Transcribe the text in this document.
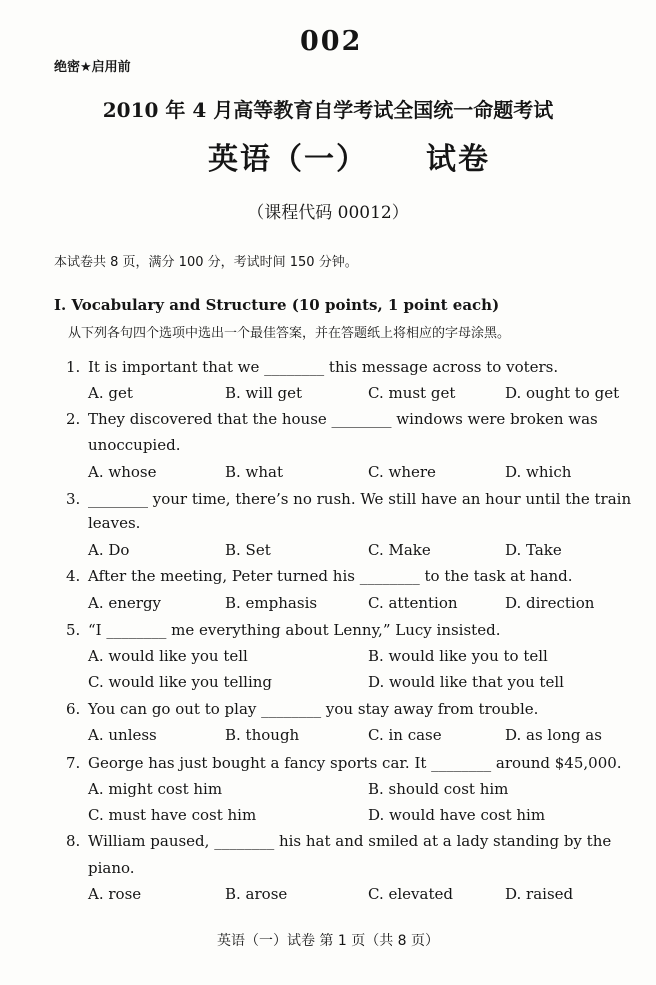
002
绝密★启用前
2010 年 4 月高等教育自学考试全国统一命题考试
英语（一） 试卷
（课程代码 00012）
本试卷共 8 页，满分 100 分，考试时间 150 分钟。
I. Vocabulary and Structure (10 points, 1 point each)
从下列各句四个选项中选出一个最佳答案，并在答题纸上将相应的字母涂黑。
1. It is important that we ________ this message across to voters.
A. get	B. will get	C. must get	D. ought to get
2. They discovered that the house ________ windows were broken was
unoccupied.
A. whose	B. what	C. where	D. which
3. ________ your time, there’s no rush. We still have an hour until the train
leaves.
A. Do	B. Set	C. Make	D. Take
4. After the meeting, Peter turned his ________ to the task at hand.
A. energy	B. emphasis	C. attention	D. direction
5. “I ________ me everything about Lenny,” Lucy insisted.
A. would like you tell	B. would like you to tell
C. would like you telling	D. would like that you tell
6. You can go out to play ________ you stay away from trouble.
A. unless	B. though	C. in case	D. as long as
7. George has just bought a fancy sports car. It ________ around $45,000.
A. might cost him	B. should cost him
C. must have cost him	D. would have cost him
8. William paused, ________ his hat and smiled at a lady standing by the
piano.
A. rose	B. arose	C. elevated	D. raised
英语（一）试卷 第 1 页（共 8 页）
